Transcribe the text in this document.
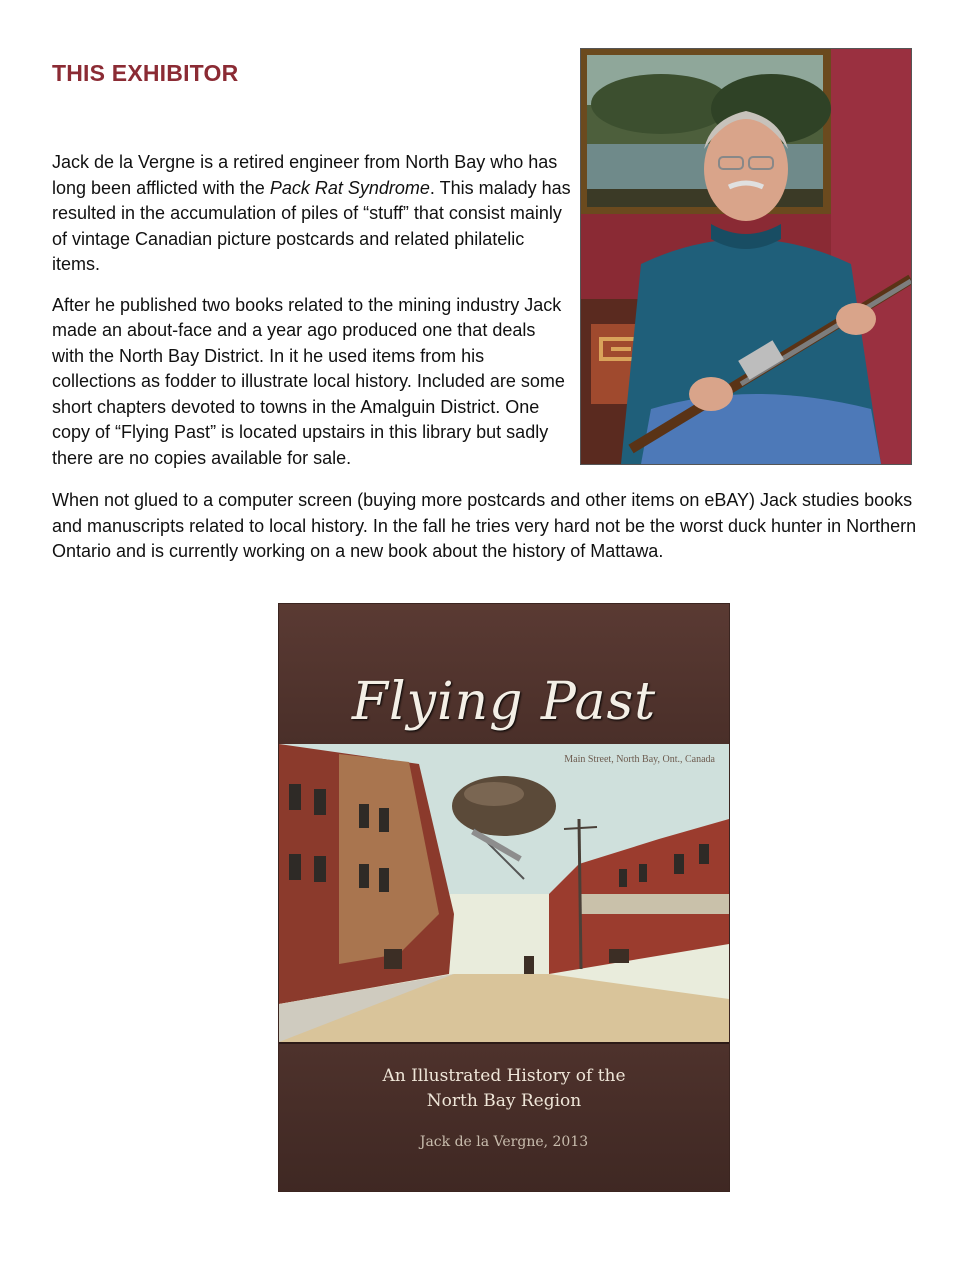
THIS EXHIBITOR

Jack de la Vergne is a retired engineer from North Bay who has long been afflicted with the Pack Rat Syndrome. This malady has resulted in the accumulation of piles of “stuff” that consist mainly of vintage Canadian picture postcards and related philatelic items.

After he published two books related to the mining industry Jack made an about-face and a year ago produced one that deals with the North Bay District. In it he used items from his collections as fodder to illustrate local history. Included are some short chapters devoted to towns in the Amalguin District. One copy of “Flying Past” is located upstairs in this library but sadly there are no copies available for sale.

When not glued to a computer screen (buying more postcards and other items on eBAY) Jack studies books and manuscripts related to local history. In the fall he tries very hard not be the worst duck hunter in Northern Ontario and is currently working on a new book about the history of Mattawa.

Flying Past
Main Street, North Bay, Ont., Canada
An Illustrated History of the
North Bay Region
Jack de la Vergne, 2013
